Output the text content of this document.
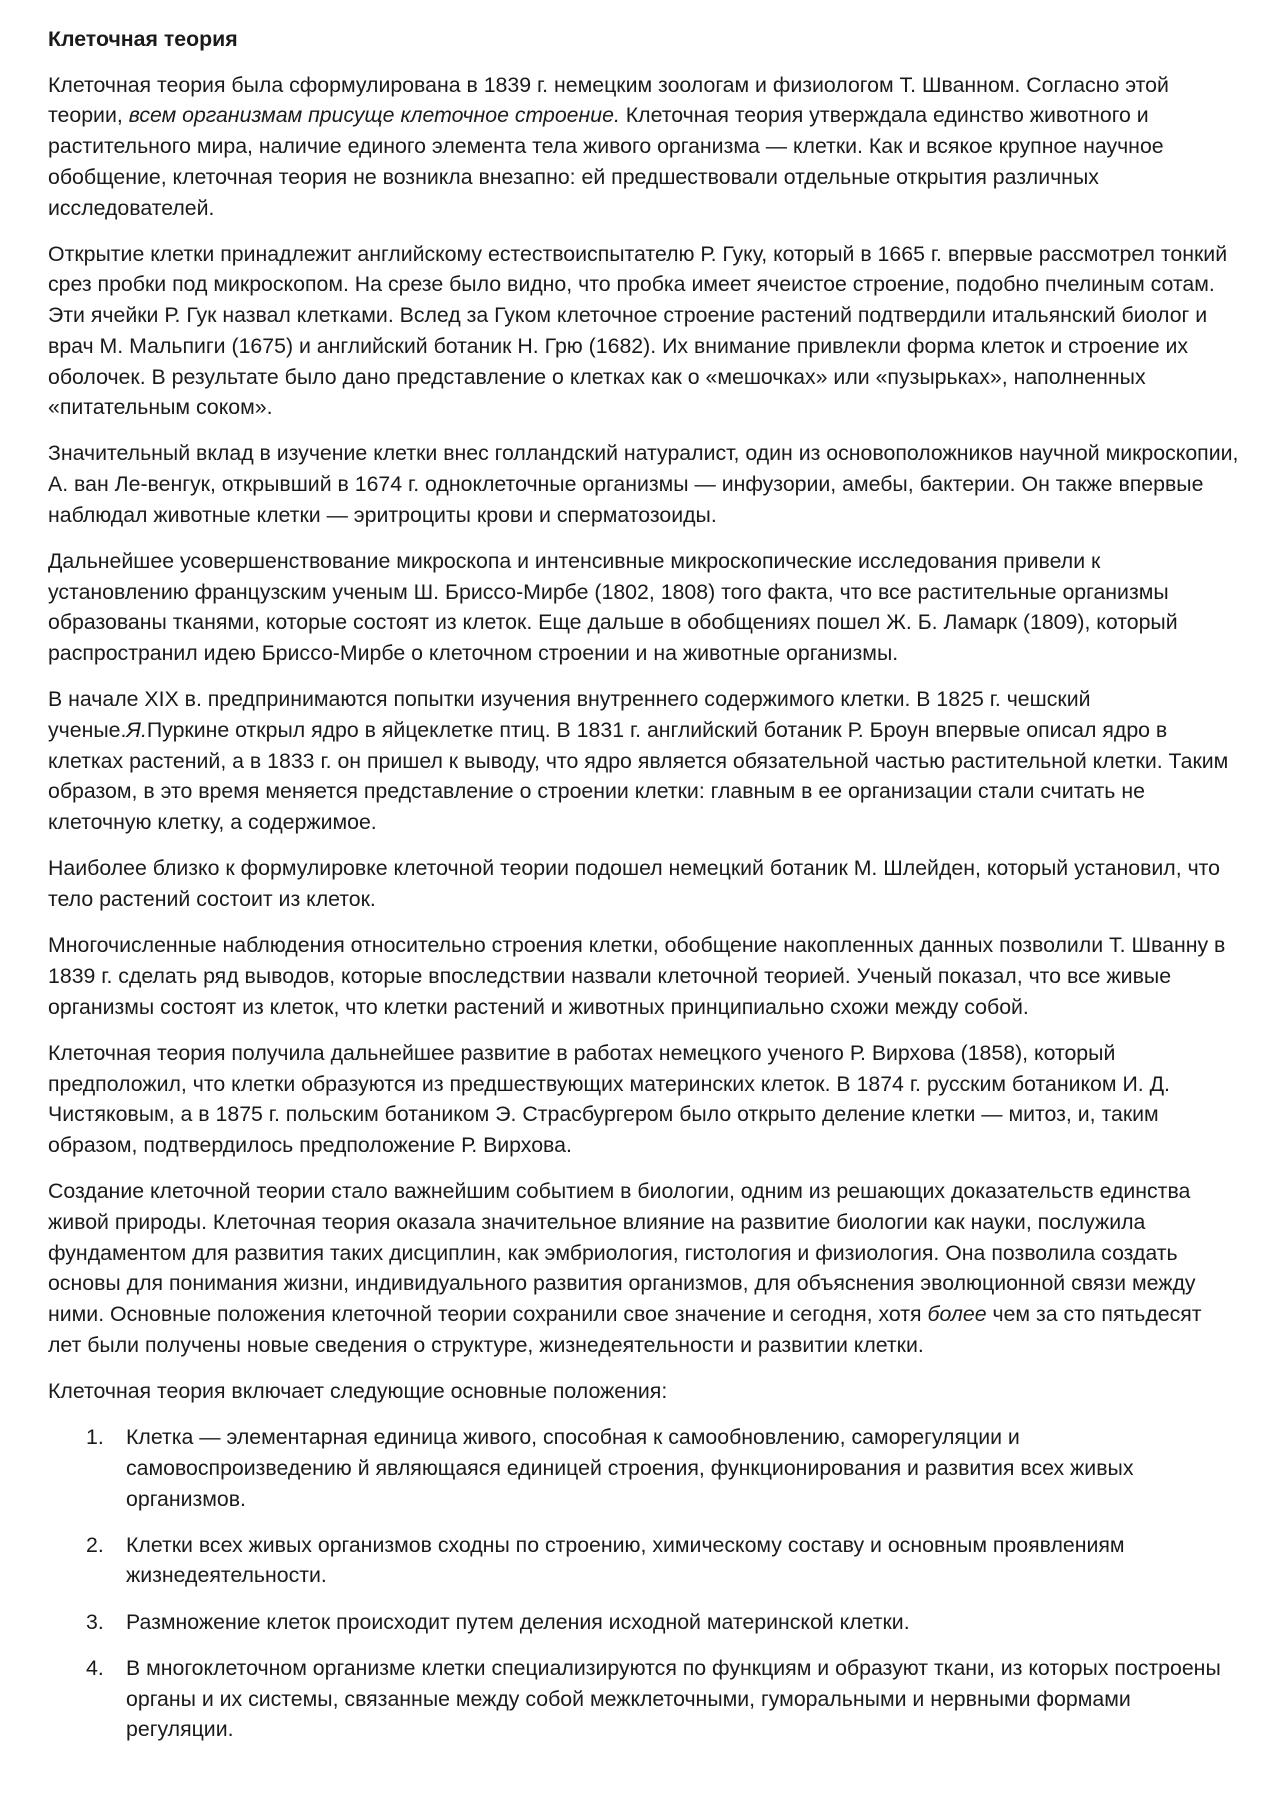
Клеточная теория

Клеточная теория была сформулирована в 1839 г. немецким зоологам и физиологом Т. Шванном. Согласно этой теории, всем организмам присуще клеточное строение. Клеточная теория утверждала единство животного и растительного мира, наличие единого элемента тела живого организма — клетки. Как и всякое крупное научное обобщение, клеточная теория не возникла внезапно: ей предшествовали отдельные открытия различных исследователей.

Открытие клетки принадлежит английскому естествоиспытателю Р. Гуку, который в 1665 г. впервые рассмотрел тонкий срез пробки под микроскопом. На срезе было видно, что пробка имеет ячеистое строение, подобно пчелиным сотам. Эти ячейки Р. Гук назвал клетками. Вслед за Гуком клеточное строение растений подтвердили итальянский биолог и врач М. Мальпиги (1675) и английский ботаник Н. Грю (1682). Их внимание привлекли форма клеток и строение их оболочек. В результате было дано представление о клетках как о «мешочках» или «пузырьках», наполненных «питательным соком».

Значительный вклад в изучение клетки внес голландский натуралист, один из основоположников научной микроскопии, А. ван Ле-венгук, открывший в 1674 г. одноклеточные организмы — инфузории, амебы, бактерии. Он также впервые наблюдал животные клетки — эритроциты крови и сперматозоиды.

Дальнейшее усовершенствование микроскопа и интенсивные микроскопические исследования привели к установлению французским ученым Ш. Бриссо-Мирбе (1802, 1808) того факта, что все растительные организмы образованы тканями, которые состоят из клеток. Еще дальше в обобщениях пошел Ж. Б. Ламарк (1809), который распространил идею Бриссо-Мирбе о клеточном строении и на животные организмы.

В начале XIX в. предпринимаются попытки изучения внутреннего содержимого клетки. В 1825 г. чешский ученые.Я.Пуркине открыл ядро в яйцеклетке птиц. В 1831 г. английский ботаник Р. Броун впервые описал ядро в клетках растений, а в 1833 г. он пришел к выводу, что ядро является обязательной частью растительной клетки. Таким образом, в это время меняется представление о строении клетки: главным в ее организации стали считать не клеточную клетку, а содержимое.

Наиболее близко к формулировке клеточной теории подошел немецкий ботаник М. Шлейден, который установил, что тело растений состоит из клеток.

Многочисленные наблюдения относительно строения клетки, обобщение накопленных данных позволили Т. Шванну в 1839 г. сделать ряд выводов, которые впоследствии назвали клеточной теорией. Ученый показал, что все живые организмы состоят из клеток, что клетки растений и животных принципиально схожи между собой.

Клеточная теория получила дальнейшее развитие в работах немецкого ученого Р. Вирхова (1858), который предположил, что клетки образуются из предшествующих материнских клеток. В 1874 г. русским ботаником И. Д. Чистяковым, а в 1875 г. польским ботаником Э. Страсбургером было открыто деление клетки — митоз, и, таким образом, подтвердилось предположение Р. Вирхова.

Создание клеточной теории стало важнейшим событием в биологии, одним из решающих доказательств единства живой природы. Клеточная теория оказала значительное влияние на развитие биологии как науки, послужила фундаментом для развития таких дисциплин, как эмбриология, гистология и физиология. Она позволила создать основы для понимания жизни, индивидуального развития организмов, для объяснения эволюционной связи между ними. Основные положения клеточной теории сохранили свое значение и сегодня, хотя более чем за сто пятьдесят лет были получены новые сведения о структуре, жизнедеятельности и развитии клетки.

Клеточная теория включает следующие основные положения:

1. Клетка — элементарная единица живого, способная к самообновлению, саморегуляции и самовоспроизведению й являющаяся единицей строения, функционирования и развития всех живых организмов.
2. Клетки всех живых организмов сходны по строению, химическому составу и основным проявлениям жизнедеятельности.
3. Размножение клеток происходит путем деления исходной материнской клетки.
4. В многоклеточном организме клетки специализируются по функциям и образуют ткани, из которых построены органы и их системы, связанные между собой межклеточными, гуморальными и нервными формами регуляции.
